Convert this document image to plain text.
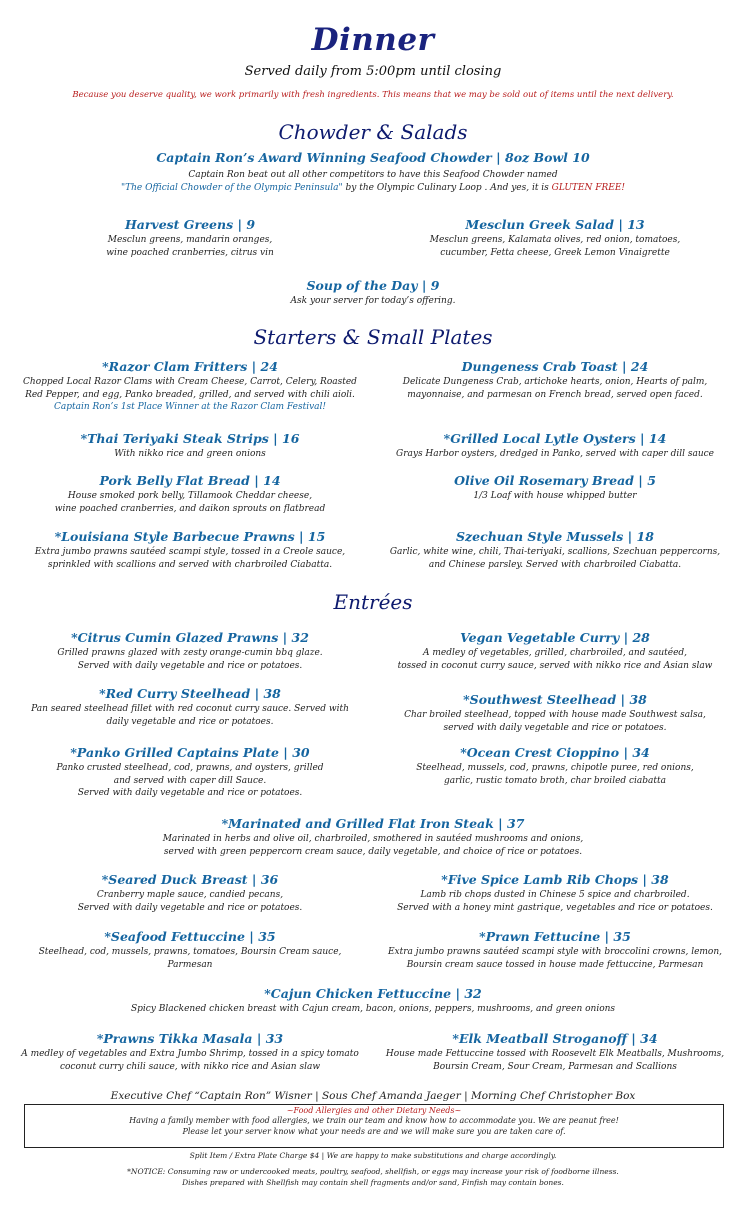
Dinner
Served daily from 5:00pm until closing
Because you deserve quality, we work primarily with fresh ingredients. This means that we may be sold out of items until the next delivery.
Chowder & Salads
Captain Ron’s Award Winning Seafood Chowder | 8oz Bowl 10
Captain Ron beat out all other competitors to have this Seafood Chowder named
"The Official Chowder of the Olympic Peninsula" by the Olympic Culinary Loop . And yes, it is GLUTEN FREE!
Harvest Greens | 9
Mesclun greens, mandarin oranges,
wine poached cranberries, citrus vin
Mesclun Greek Salad | 13
Mesclun greens, Kalamata olives, red onion, tomatoes,
cucumber, Fetta cheese, Greek Lemon Vinaigrette
Soup of the Day | 9
Ask your server for today’s offering.
Starters & Small Plates
*Razor Clam Fritters | 24
Chopped Local Razor Clams with Cream Cheese, Carrot, Celery, Roasted
Red Pepper, and egg, Panko breaded, grilled, and served with chili aioli.
Captain Ron’s 1st Place Winner at the Razor Clam Festival!
Dungeness Crab Toast | 24
Delicate Dungeness Crab, artichoke hearts, onion, Hearts of palm,
mayonnaise, and parmesan on French bread, served open faced.
*Thai Teriyaki Steak Strips | 16
With nikko rice and green onions
*Grilled Local Lytle Oysters | 14
Grays Harbor oysters, dredged in Panko, served with caper dill sauce
Pork Belly Flat Bread | 14
House smoked pork belly, Tillamook Cheddar cheese,
wine poached cranberries, and daikon sprouts on flatbread
Olive Oil Rosemary Bread | 5
1/3 Loaf with house whipped butter
*Louisiana Style Barbecue Prawns | 15
Extra jumbo prawns sautéed scampi style, tossed in a Creole sauce,
sprinkled with scallions and served with charbroiled Ciabatta.
Szechuan Style Mussels | 18
Garlic, white wine, chili, Thai-teriyaki, scallions, Szechuan peppercorns,
and Chinese parsley. Served with charbroiled Ciabatta.
Entrées
*Citrus Cumin Glazed Prawns | 32
Grilled prawns glazed with zesty orange-cumin bbq glaze.
Served with daily vegetable and rice or potatoes.
Vegan Vegetable Curry | 28
A medley of vegetables, grilled, charbroiled, and sautéed,
tossed in coconut curry sauce, served with nikko rice and Asian slaw
*Red Curry Steelhead | 38
Pan seared steelhead fillet with red coconut curry sauce. Served with
daily vegetable and rice or potatoes.
*Southwest Steelhead | 38
Char broiled steelhead, topped with house made Southwest salsa,
served with daily vegetable and rice or potatoes.
*Panko Grilled Captains Plate | 30
Panko crusted steelhead, cod, prawns, and oysters, grilled
and served with caper dill Sauce.
Served with daily vegetable and rice or potatoes.
*Ocean Crest Cioppino | 34
Steelhead, mussels, cod, prawns, chipotle puree, red onions,
garlic, rustic tomato broth, char broiled ciabatta
*Marinated and Grilled Flat Iron Steak | 37
Marinated in herbs and olive oil, charbroiled, smothered in sautéed mushrooms and onions,
served with green peppercorn cream sauce, daily vegetable, and choice of rice or potatoes.
*Seared Duck Breast | 36
Cranberry maple sauce, candied pecans,
Served with daily vegetable and rice or potatoes.
*Five Spice Lamb Rib Chops | 38
Lamb rib chops dusted in Chinese 5 spice and charbroiled.
Served with a honey mint gastrique, vegetables and rice or potatoes.
*Seafood Fettuccine | 35
Steelhead, cod, mussels, prawns, tomatoes, Boursin Cream sauce, Parmesan
*Prawn Fettucine | 35
Extra jumbo prawns sautéed scampi style with broccolini crowns, lemon,
Boursin cream sauce tossed in house made fettuccine, Parmesan
*Cajun Chicken Fettuccine | 32
Spicy Blackened chicken breast with Cajun cream, bacon, onions, peppers, mushrooms, and green onions
*Prawns Tikka Masala | 33
A medley of vegetables and Extra Jumbo Shrimp, tossed in a spicy tomato
coconut curry chili sauce, with nikko rice and Asian slaw
*Elk Meatball Stroganoff | 34
House made Fettuccine tossed with Roosevelt Elk Meatballs, Mushrooms,
Boursin Cream, Sour Cream, Parmesan and Scallions
Executive Chef “Captain Ron” Wisner | Sous Chef Amanda Jaeger | Morning Chef Christopher Box
~Food Allergies and other Dietary Needs~
Having a family member with food allergies, we train our team and know how to accommodate you. We are peanut free!
Please let your server know what your needs are and we will make sure you are taken care of.
Split Item / Extra Plate Charge $4 | We are happy to make substitutions and charge accordingly.
*NOTICE: Consuming raw or undercooked meats, poultry, seafood, shellfish, or eggs may increase your risk of foodborne illness.
Dishes prepared with Shellfish may contain shell fragments and/or sand, Finfish may contain bones.
